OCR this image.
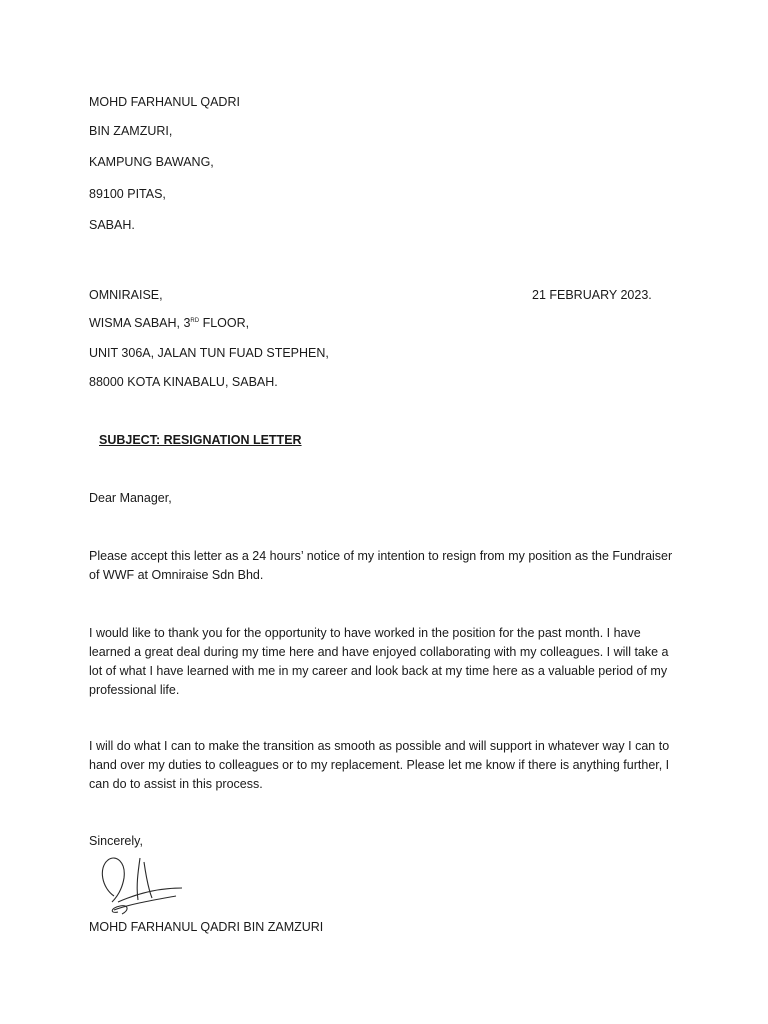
MOHD FARHANUL QADRI
BIN ZAMZURI,
KAMPUNG BAWANG,
89100 PITAS,
SABAH.
OMNIRAISE,	21 FEBRUARY 2023.
WISMA SABAH, 3RD FLOOR,
UNIT 306A, JALAN TUN FUAD STEPHEN,
88000 KOTA KINABALU, SABAH.
SUBJECT: RESIGNATION LETTER
Dear Manager,
Please accept this letter as a 24 hours’ notice of my intention to resign from my position as the Fundraiser of WWF at Omniraise Sdn Bhd.
I would like to thank you for the opportunity to have worked in the position for the past month. I have learned a great deal during my time here and have enjoyed collaborating with my colleagues. I will take a lot of what I have learned with me in my career and look back at my time here as a valuable period of my professional life.
I will do what I can to make the transition as smooth as possible and will support in whatever way I can to hand over my duties to colleagues or to my replacement. Please let me know if there is anything further, I can do to assist in this process.
Sincerely,
MOHD FARHANUL QADRI BIN ZAMZURI
